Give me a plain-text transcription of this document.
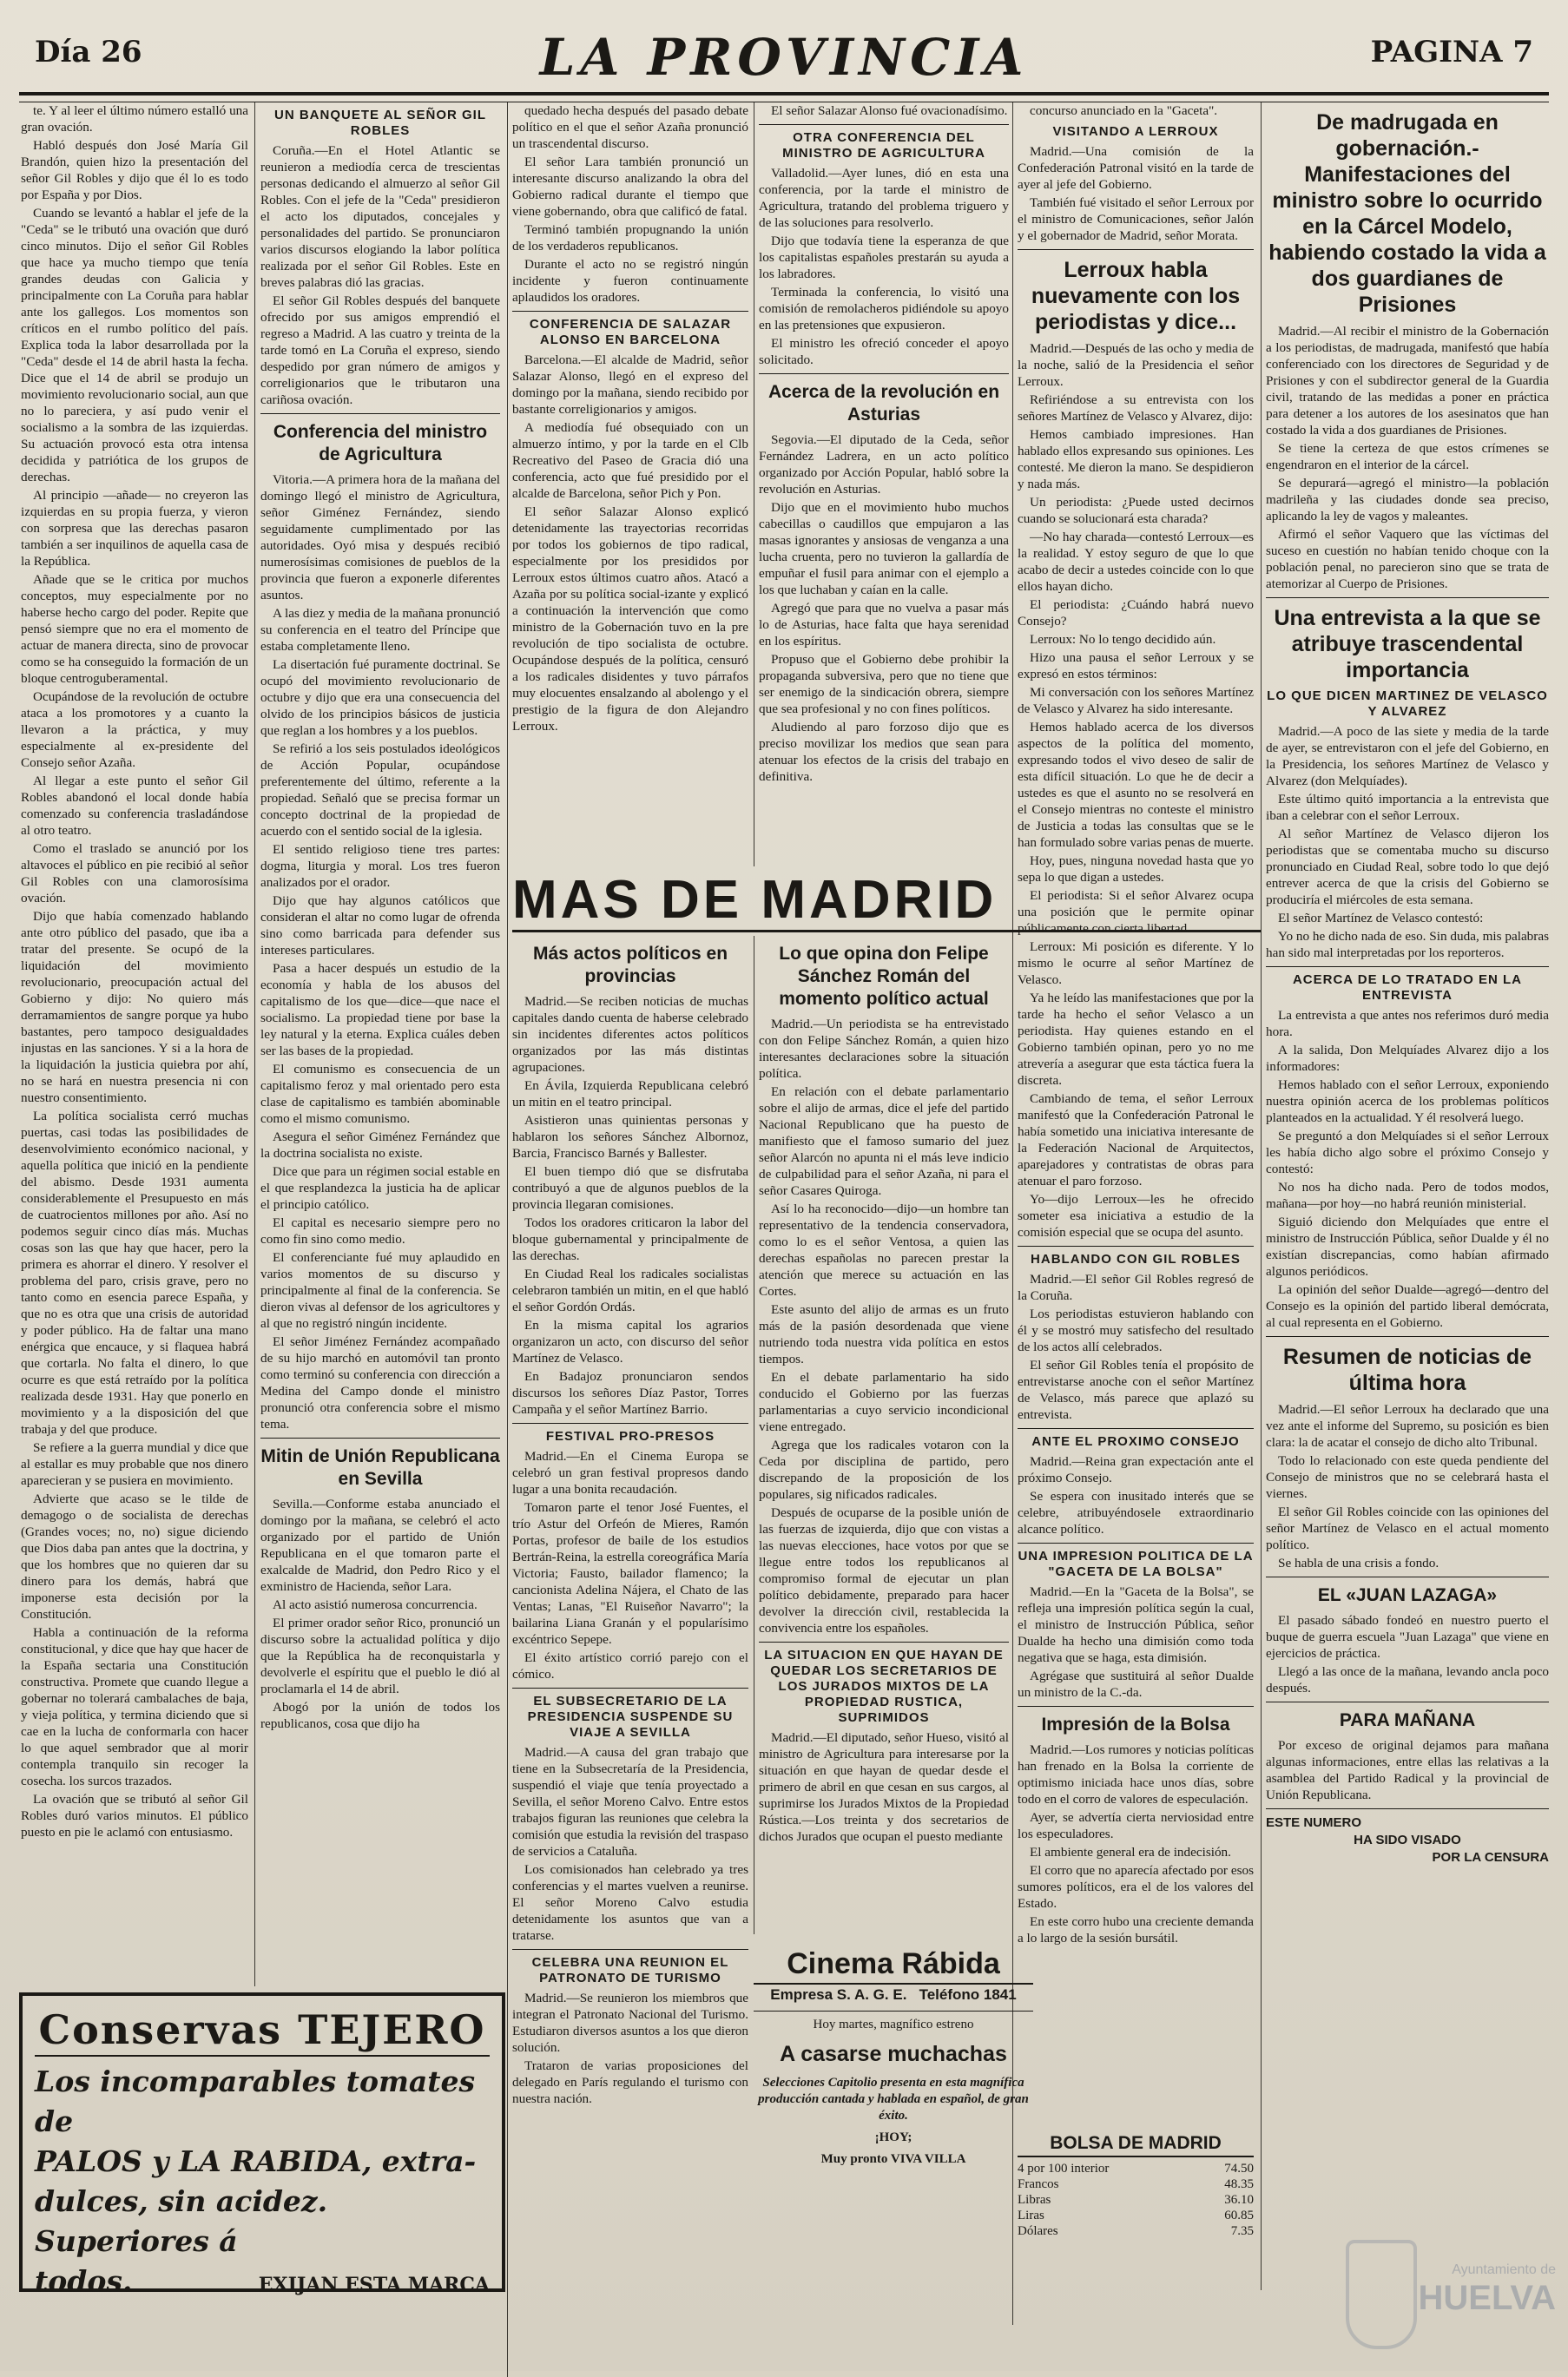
Día 26	LA PROVINCIA	PAGINA 7

te. Y al leer el último número estalló una gran ovación.

Habló después don José María Gil Brandón, quien hizo la presentación del señor Gil Robles y dijo que él lo es todo por España y por Dios.

Cuando se levantó a hablar el jefe de la "Ceda" se le tributó una ovación que duró cinco minutos. Dijo el señor Gil Robles que hace ya mucho tiempo que tenía grandes deudas con Galicia y principalmente con La Coruña para hablar ante los gallegos. Los momentos son críticos en el rumbo político del país. Explica toda la labor desarrollada por la "Ceda" desde el 14 de abril hasta la fecha. Dice que el 14 de abril se produjo un movimiento revolucionario social, aun que no lo pareciera, y así pudo venir el socialismo a la sombra de las izquierdas. Su actuación provocó esta otra intensa decidida y patriótica de los grupos de derechas.

Al principio —añade— no creyeron las izquierdas en su propia fuerza, y vieron con sorpresa que las derechas pasaron también a ser inquilinos de aquella casa de la República.

Añade que se le critica por muchos conceptos, muy especialmente por no haberse hecho cargo del poder. Repite que pensó siempre que no era el momento de actuar de manera directa, sino de provocar como se ha conseguido la formación de un bloque centroguberamental.

Ocupándose de la revolución de octubre ataca a los promotores y a cuanto la llevaron a la práctica, y muy especialmente al ex-presidente del Consejo señor Azaña.

Al llegar a este punto el señor Gil Robles abandonó el local donde había comenzado su conferencia trasladándose al otro teatro.

Como el traslado se anunció por los altavoces el público en pie recibió al señor Gil Robles con una clamorosísima ovación.

Dijo que había comenzado hablando ante otro público del pasado, que iba a tratar del presente. Se ocupó de la liquidación del movimiento revolucionario, preocupación actual del Gobierno y dijo: No quiero más derramamientos de sangre porque ya hubo bastantes, pero tampoco desigualdades injustas en las sanciones. Y si a la hora de la liquidación la justicia quiebra por ahí, no se hará en nuestra presencia ni con nuestro consentimiento.

La política socialista cerró muchas puertas, casi todas las posibilidades de desenvolvimiento económico nacional, y aquella política que inició en la pendiente del abismo. Desde 1931 aumenta considerablemente el Presupuesto en más de cuatrocientos millones por año. Así no podemos seguir cinco días más. Muchas cosas son las que hay que hacer, pero la primera es ahorrar el dinero. Y resolver el problema del paro, crisis grave, pero no tanto como en esencia parece España, y que no es otra que una crisis de autoridad y poder público. Ha de faltar una mano enérgica que encauce, y si flaquea habrá que cortarla. No falta el dinero, lo que ocurre es que está retraído por la política realizada desde 1931. Hay que ponerlo en movimiento y a la disposición del que trabaja y del que produce.

Se refiere a la guerra mundial y dice que al estallar es muy probable que nos dinero aparecieran y se pusiera en movimiento.

Advierte que acaso se le tilde de demagogo o de socialista de derechas (Grandes voces; no, no) sigue diciendo que Dios daba pan antes que la doctrina, y que los hombres que no quieren dar su dinero para los demás, habrá que imponerse esta decisión por la Constitución.

Habla a continuación de la reforma constitucional, y dice que hay que hacer de la España sectaria una Constitución constructiva. Promete que cuando llegue a gobernar no tolerará cambalaches de baja, y vieja política, y termina diciendo que si cae en la lucha de conformarla con hacer lo que aquel sembrador que al morir contempla tranquilo sin recoger la cosecha. los surcos trazados.

La ovación que se tributó al señor Gil Robles duró varios minutos. El público puesto en pie le aclamó con entusiasmo.

UN BANQUETE AL SEÑOR GIL ROBLES

Coruña.—En el Hotel Atlantic se reunieron a mediodía cerca de trescientas personas dedicando el almuerzo al señor Gil Robles. Con el jefe de la "Ceda" presidieron el acto los diputados, concejales y personalidades del partido. Se pronunciaron varios discursos elogiando la labor política realizada por el señor Gil Robles. Este en breves palabras dió las gracias.

El señor Gil Robles después del banquete ofrecido por sus amigos emprendió el regreso a Madrid. A las cuatro y treinta de la tarde tomó en La Coruña el expreso, siendo despedido por gran número de amigos y correligionarios que le tributaron una cariñosa ovación.

Conferencia del ministro de Agricultura

Vitoria.—A primera hora de la mañana del domingo llegó el ministro de Agricultura, señor Giménez Fernández, siendo seguidamente cumplimentado por las autoridades. Oyó misa y después recibió numerosísimas comisiones de pueblos de la provincia que fueron a exponerle diferentes asuntos.

A las diez y media de la mañana pronunció su conferencia en el teatro del Príncipe que estaba completamente lleno.

La disertación fué puramente doctrinal. Se ocupó del movimiento revolucionario de octubre y dijo que era una consecuencia del olvido de los principios básicos de justicia que reglan a los hombres y a los pueblos.

Se refirió a los seis postulados ideológicos de Acción Popular, ocupándose preferentemente del último, referente a la propiedad. Señaló que se precisa formar un concepto doctrinal de la propiedad de acuerdo con el sentido social de la iglesia.

El sentido religioso tiene tres partes: dogma, liturgia y moral. Los tres fueron analizados por el orador.

Dijo que hay algunos católicos que consideran el altar no como lugar de ofrenda sino como barricada para defender sus intereses particulares.

Pasa a hacer después un estudio de la economía y habla de los abusos del capitalismo de los que—dice—que nace el socialismo. La propiedad tiene por base la ley natural y la eterna. Explica cuáles deben ser las bases de la propiedad.

El comunismo es consecuencia de un capitalismo feroz y mal orientado pero esta clase de capitalismo es también abominable como el mismo comunismo.

Asegura el señor Giménez Fernández que la doctrina socialista no existe.

Dice que para un régimen social estable en el que resplandezca la justicia ha de aplicar el principio católico.

El capital es necesario siempre pero no como fin sino como medio.

El conferenciante fué muy aplaudido en varios momentos de su discurso y principalmente al final de la conferencia. Se dieron vivas al defensor de los agricultores y al que no registró ningún incidente.

El señor Jiménez Fernández acompañado de su hijo marchó en automóvil tan pronto como terminó su conferencia con dirección a Medina del Campo donde el ministro pronunció otra conferencia sobre el mismo tema.

Mitin de Unión Republicana en Sevilla

Sevilla.—Conforme estaba anunciado el domingo por la mañana, se celebró el acto organizado por el partido de Unión Republicana en el que tomaron parte el exalcalde de Madrid, don Pedro Rico y el exministro de Hacienda, señor Lara.

Al acto asistió numerosa concurrencia.

El primer orador señor Rico, pronunció un discurso sobre la actualidad política y dijo que la República ha de reconquistarla y devolverle el espíritu que el pueblo le dió al proclamarla el 14 de abril.

Abogó por la unión de todos los republicanos, cosa que dijo ha

quedado hecha después del pasado debate político en el que el señor Azaña pronunció un trascendental discurso.

El señor Lara también pronunció un interesante discurso analizando la obra del Gobierno radical durante el tiempo que viene gobernando, obra que calificó de fatal.

Terminó también propugnando la unión de los verdaderos republicanos.

Durante el acto no se registró ningún incidente y fueron continuamente aplaudidos los oradores.

CONFERENCIA DE SALAZAR ALONSO EN BARCELONA

Barcelona.—El alcalde de Madrid, señor Salazar Alonso, llegó en el expreso del domingo por la mañana, siendo recibido por bastante correligionarios y amigos.

A mediodía fué obsequiado con un almuerzo íntimo, y por la tarde en el Clb Recreativo del Paseo de Gracia dió una conferencia, acto que fué presidido por el alcalde de Barcelona, señor Pich y Pon.

El señor Salazar Alonso explicó detenidamente las trayectorias recorridas por todos los gobiernos de tipo radical, especialmente por los presididos por Lerroux estos últimos cuatro años. Atacó a Azaña por su política social-izante y explicó a continuación la intervención que como ministro de la Gobernación tuvo en la pre revolución de tipo socialista de octubre. Ocupándose después de la política, censuró a los radicales disidentes y tuvo párrafos muy elocuentes ensalzando al abolengo y el prestigio de la figura de don Alejandro Lerroux.

El señor Salazar Alonso fué ovacionadísimo.

OTRA CONFERENCIA DEL MINISTRO DE AGRICULTURA

Valladolid.—Ayer lunes, dió en esta una conferencia, por la tarde el ministro de Agricultura, tratando del problema triguero y de las soluciones para resolverlo.

Dijo que todavía tiene la esperanza de que los capitalistas españoles prestarán su ayuda a los labradores.

Terminada la conferencia, lo visitó una comisión de remolacheros pidiéndole su apoyo en las pretensiones que expusieron.

El ministro les ofreció conceder el apoyo solicitado.

Acerca de la revolución en Asturias

Segovia.—El diputado de la Ceda, señor Fernández Ladrera, en un acto político organizado por Acción Popular, habló sobre la revolución en Asturias.

Dijo que en el movimiento hubo muchos cabecillas o caudillos que empujaron a las masas ignorantes y ansiosas de venganza a una lucha cruenta, pero no tuvieron la gallardía de empuñar el fusil para animar con el ejemplo a los que luchaban y caían en la calle.

Agregó que para que no vuelva a pasar más lo de Asturias, hace falta que haya serenidad en los espíritus.

Propuso que el Gobierno debe prohibir la propaganda subversiva, pero que no tiene que ser enemigo de la sindicación obrera, siempre que sea profesional y no con fines políticos.

Aludiendo al paro forzoso dijo que es preciso movilizar los medios que sean para atenuar los efectos de la crisis del trabajo en definitiva.

MAS DE MADRID
Más actos políticos en provincias

Madrid.—Se reciben noticias de muchas capitales dando cuenta de haberse celebrado sin incidentes diferentes actos políticos organizados por las más distintas agrupaciones.

En Ávila, Izquierda Republicana celebró un mitin en el teatro principal.

Asistieron unas quinientas personas y hablaron los señores Sánchez Albornoz, Barcia, Francisco Barnés y Ballester.

El buen tiempo dió que se disfrutaba contribuyó a que de algunos pueblos de la provincia llegaran comisiones.

Todos los oradores criticaron la labor del bloque gubernamental y principalmente de las derechas.

En Ciudad Real los radicales socialistas celebraron también un mitin, en el que habló el señor Gordón Ordás.

En la misma capital los agrarios organizaron un acto, con discurso del señor Martínez de Velasco.

En Badajoz pronunciaron sendos discursos los señores Díaz Pastor, Torres Campaña y el señor Martínez Barrio.

FESTIVAL PRO-PRESOS

Madrid.—En el Cinema Europa se celebró un gran festival propresos dando lugar a una bonita recaudación.

Tomaron parte el tenor José Fuentes, el trío Astur del Orfeón de Mieres, Ramón Portas, profesor de baile de los estudios Bertrán-Reina, la estrella coreográfica María Victoria; Fausto, bailador flamenco; la cancionista Adelina Nájera, el Chato de las Ventas; Lanas, "El Ruiseñor Navarro"; la bailarina Liana Granán y el popularísimo excéntrico Sepepe.

El éxito artístico corrió parejo con el cómico.

EL SUBSECRETARIO DE LA PRESIDENCIA SUSPENDE SU VIAJE A SEVILLA

Madrid.—A causa del gran trabajo que tiene en la Subsecretaría de la Presidencia, suspendió el viaje que tenía proyectado a Sevilla, el señor Moreno Calvo. Entre estos trabajos figuran las reuniones que celebra la comisión que estudia la revisión del traspaso de servicios a Cataluña.

Los comisionados han celebrado ya tres conferencias y el martes vuelven a reunirse. El señor Moreno Calvo estudia detenidamente los asuntos que van a tratarse.

CELEBRA UNA REUNION EL PATRONATO DE TURISMO

Madrid.—Se reunieron los miembros que integran el Patronato Nacional del Turismo. Estudiaron diversos asuntos a los que dieron solución.

Trataron de varias proposiciones del delegado en París regulando el turismo con nuestra nación.

Lo que opina don Felipe Sánchez Román del momento político actual

Madrid.—Un periodista se ha entrevistado con don Felipe Sánchez Román, a quien hizo interesantes declaraciones sobre la situación política.

En relación con el debate parlamentario sobre el alijo de armas, dice el jefe del partido Nacional Republicano que ha puesto de manifiesto que el famoso sumario del juez señor Alarcón no apunta ni el más leve indicio de culpabilidad para el señor Azaña, ni para el señor Casares Quiroga.

Así lo ha reconocido—dijo—un hombre tan representativo de la tendencia conservadora, como lo es el señor Ventosa, a quien las derechas españolas no parecen prestar la atención que merece su actuación en las Cortes.

Este asunto del alijo de armas es un fruto más de la pasión desordenada que viene nutriendo toda nuestra vida política en estos tiempos.

En el debate parlamentario ha sido conducido el Gobierno por las fuerzas parlamentarias a cuyo servicio incondicional viene entregado.

Agrega que los radicales votaron con la Ceda por disciplina de partido, pero discrepando de la proposición de los populares, sig nificados radicales.

Después de ocuparse de la posible unión de las fuerzas de izquierda, dijo que con vistas a las nuevas elecciones, hace votos por que se llegue entre todos los republicanos al compromiso formal de ejecutar un plan político debidamente, preparado para hacer devolver la dirección civil, restablecida la convivencia entre los españoles.

LA SITUACION EN QUE HAYAN DE QUEDAR LOS SECRETARIOS DE LOS JURADOS MIXTOS DE LA PROPIEDAD RUSTICA, SUPRIMIDOS

Madrid.—El diputado, señor Hueso, visitó al ministro de Agricultura para interesarse por la situación en que hayan de quedar desde el primero de abril en que cesan en sus cargos, al suprimirse los Jurados Mixtos de la Propiedad Rústica.—Los treinta y dos secretarios de dichos Jurados que ocupan el puesto mediante

concurso anunciado en la "Gaceta".

VISITANDO A LERROUX

Madrid.—Una comisión de la Confederación Patronal visitó en la tarde de ayer al jefe del Gobierno.

También fué visitado el señor Lerroux por el ministro de Comunicaciones, señor Jalón y el gobernador de Madrid, señor Morata.

Lerroux habla nuevamente con los periodistas y dice...

Madrid.—Después de las ocho y media de la noche, salió de la Presidencia el señor Lerroux.

Refiriéndose a su entrevista con los señores Martínez de Velasco y Alvarez, dijo:

Hemos cambiado impresiones. Han hablado ellos expresando sus opiniones. Les contesté. Me dieron la mano. Se despidieron y nada más.

Un periodista: ¿Puede usted decirnos cuando se solucionará esta charada?

—No hay charada—contestó Lerroux—es la realidad. Y estoy seguro de que lo que acabo de decir a ustedes coincide con lo que ellos hayan dicho.

El periodista: ¿Cuándo habrá nuevo Consejo?

Lerroux: No lo tengo decidido aún.

Hizo una pausa el señor Lerroux y se expresó en estos términos:

Mi conversación con los señores Martínez de Velasco y Alvarez ha sido interesante.

Hemos hablado acerca de los diversos aspectos de la política del momento, expresando todos el vivo deseo de salir de esta difícil situación. Lo que he de decir a ustedes es que el asunto no se resolverá en el Consejo mientras no conteste el ministro de Justicia a todas las consultas que se le han formulado sobre varias penas de muerte.

Hoy, pues, ninguna novedad hasta que yo sepa lo que digan a ustedes.

El periodista: Si el señor Alvarez ocupa una posición que le permite opinar públicamente con cierta libertad.

Lerroux: Mi posición es diferente. Y lo mismo le ocurre al señor Martínez de Velasco.

Ya he leído las manifestaciones que por la tarde ha hecho el señor Velasco a un periodista. Hay quienes estando en el Gobierno también opinan, pero yo no me atrevería a asegurar que esta táctica fuera la discreta.

Cambiando de tema, el señor Lerroux manifestó que la Confederación Patronal le había sometido una iniciativa interesante de la Federación Nacional de Arquitectos, aparejadores y contratistas de obras para atenuar el paro forzoso.

Yo—dijo Lerroux—les he ofrecido someter esa iniciativa a estudio de la comisión especial que se ocupa del asunto.

HABLANDO CON GIL ROBLES

Madrid.—El señor Gil Robles regresó de la Coruña.

Los periodistas estuvieron hablando con él y se mostró muy satisfecho del resultado de los actos allí celebrados.

El señor Gil Robles tenía el propósito de entrevistarse anoche con el señor Martínez de Velasco, más parece que aplazó su entrevista.

ANTE EL PROXIMO CONSEJO

Madrid.—Reina gran expectación ante el próximo Consejo.

Se espera con inusitado interés que se celebre, atribuyéndosele extraordinario alcance político.

UNA IMPRESION POLITICA DE LA "GACETA DE LA BOLSA"

Madrid.—En la "Gaceta de la Bolsa", se refleja una impresión política según la cual, el ministro de Instrucción Pública, señor Dualde ha hecho una dimisión como toda negativa que se haga, esta dimisión.

Agrégase que sustituirá al señor Dualde un ministro de la C.-da.

Impresión de la Bolsa

Madrid.—Los rumores y noticias políticas han frenado en la Bolsa la corriente de optimismo iniciada hace unos días, sobre todo en el corro de valores de especulación.

Ayer, se advertía cierta nerviosidad entre los especuladores.

El ambiente general era de indecisión.

El corro que no aparecía afectado por esos sumores políticos, era el de los valores del Estado.

En este corro hubo una creciente demanda a lo largo de la sesión bursátil.

De madrugada en gobernación.- Manifestaciones del ministro sobre lo ocurrido en la Cárcel Modelo, habiendo costado la vida a dos guardianes de Prisiones

Madrid.—Al recibir el ministro de la Gobernación a los periodistas, de madrugada, manifestó que había conferenciado con los directores de Seguridad y de Prisiones y con el subdirector general de la Guardia civil, tratando de las medidas a poner en práctica para detener a los autores de los asesinatos que han costado la vida a dos guardianes de Prisiones.

Se tiene la certeza de que estos crímenes se engendraron en el interior de la cárcel.

Se depurará—agregó el ministro—la población madrileña y las ciudades donde sea preciso, aplicando la ley de vagos y maleantes.

Afirmó el señor Vaquero que las víctimas del suceso en cuestión no habían tenido choque con la población penal, no parecieron sino que se trata de atemorizar al Cuerpo de Prisiones.

Una entrevista a la que se atribuye trascendental importancia
LO QUE DICEN MARTINEZ DE VELASCO Y ALVAREZ

Madrid.—A poco de las siete y media de la tarde de ayer, se entrevistaron con el jefe del Gobierno, en la Presidencia, los señores Martínez de Velasco y Alvarez (don Melquíades).

Este último quitó importancia a la entrevista que iban a celebrar con el señor Lerroux.

Al señor Martínez de Velasco dijeron los periodistas que se comentaba mucho su discurso pronunciado en Ciudad Real, sobre todo lo que dejó entrever acerca de que la crisis del Gobierno se produciría el miércoles de esta semana.

El señor Martínez de Velasco contestó:

Yo no he dicho nada de eso. Sin duda, mis palabras han sido mal interpretadas por los reporteros.

ACERCA DE LO TRATADO EN LA ENTREVISTA

La entrevista a que antes nos referimos duró media hora.

A la salida, Don Melquíades Alvarez dijo a los informadores:

Hemos hablado con el señor Lerroux, exponiendo nuestra opinión acerca de los problemas políticos planteados en la actualidad. Y él resolverá luego.

Se preguntó a don Melquíades si el señor Lerroux les había dicho algo sobre el próximo Consejo y contestó:

No nos ha dicho nada. Pero de todos modos, mañana—por hoy—no habrá reunión ministerial.

Siguió diciendo don Melquíades que entre el ministro de Instrucción Pública, señor Dualde y él no existían discrepancias, como habían afirmado algunos periódicos.

La opinión del señor Dualde—agregó—dentro del Consejo es la opinión del partido liberal demócrata, al cual representa en el Gobierno.

Resumen de noticias de última hora

Madrid.—El señor Lerroux ha declarado que una vez ante el informe del Supremo, su posición es bien clara: la de acatar el consejo de dicho alto Tribunal.

Todo lo relacionado con este queda pendiente del Consejo de ministros que no se celebrará hasta el viernes.

El señor Gil Robles coincide con las opiniones del señor Martínez de Velasco en el actual momento político.

Se habla de una crisis a fondo.

EL «JUAN LAZAGA»

El pasado sábado fondeó en nuestro puerto el buque de guerra escuela "Juan Lazaga" que viene en ejercicios de práctica.

Llegó a las once de la mañana, levando ancla poco después.

PARA MAÑANA

Por exceso de original dejamos para mañana algunas informaciones, entre ellas las relativas a la asamblea del Partido Radical y la provincial de Unión Republicana.

ESTE NUMERO
HA SIDO VISADO
POR LA CENSURA
Conservas TEJERO
Los incomparables tomates de
PALOS y LA RABIDA, extra-
dulces, sin acidez. Superiores á
todos.	EXIJAN ESTA MARCA
Cinema Rábida
Empresa S. A. G. E. Teléfono 1841

Hoy martes, magnífico estreno

A casarse muchachas

Selecciones Capitolio presenta en esta magnífica producción cantada y hablada en español, de gran éxito.

¡HOY;

Muy pronto VIVA VILLA

BOLSA DE MADRID
4 por 100 interior	74.50
Francos	48.35
Libras	36.10
Liras	60.85
Dólares	7.35
Ayuntamiento de
HUELVA
